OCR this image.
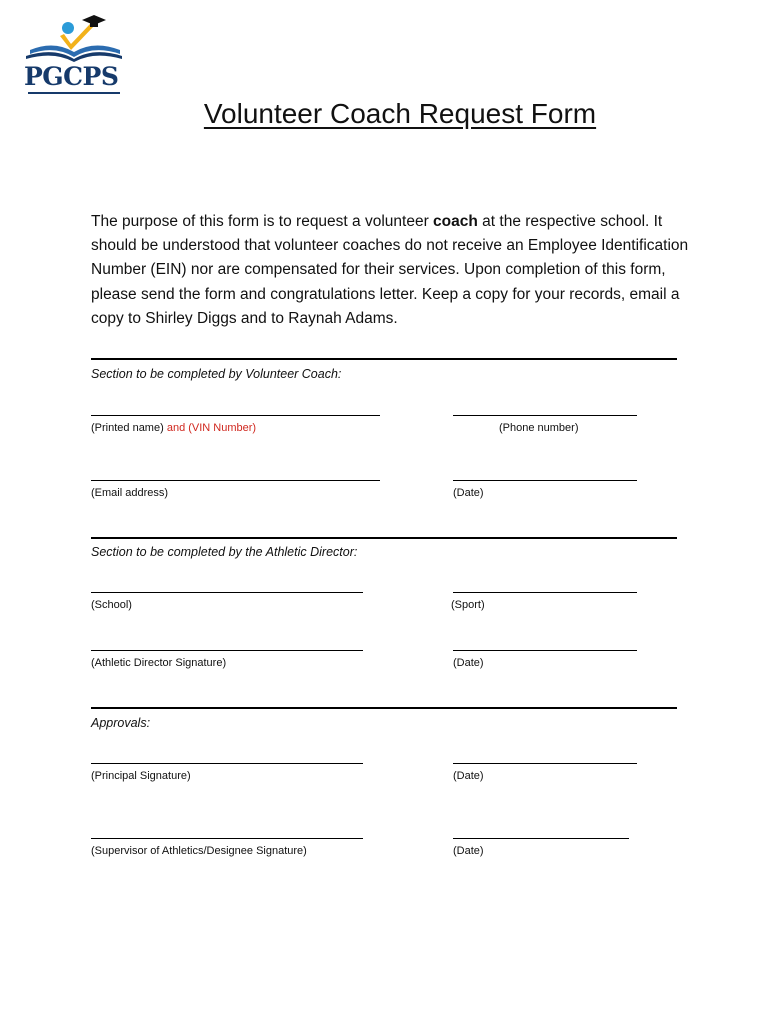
PGCPS
Volunteer Coach Request Form
The purpose of this form is to request a volunteer coach at the respective school. It should be understood that volunteer coaches do not receive an Employee Identification Number (EIN) nor are compensated for their services. Upon completion of this form, please send the form and congratulations letter. Keep a copy for your records, email a copy to Shirley Diggs and to Raynah Adams.
Section to be completed by Volunteer Coach:
(Printed name) and (VIN Number)	(Phone number)
(Email address)	(Date)
Section to be completed by the Athletic Director:
(School)	(Sport)
(Athletic Director Signature)	(Date)
Approvals:
(Principal Signature)	(Date)
(Supervisor of Athletics/Designee Signature)	(Date)
